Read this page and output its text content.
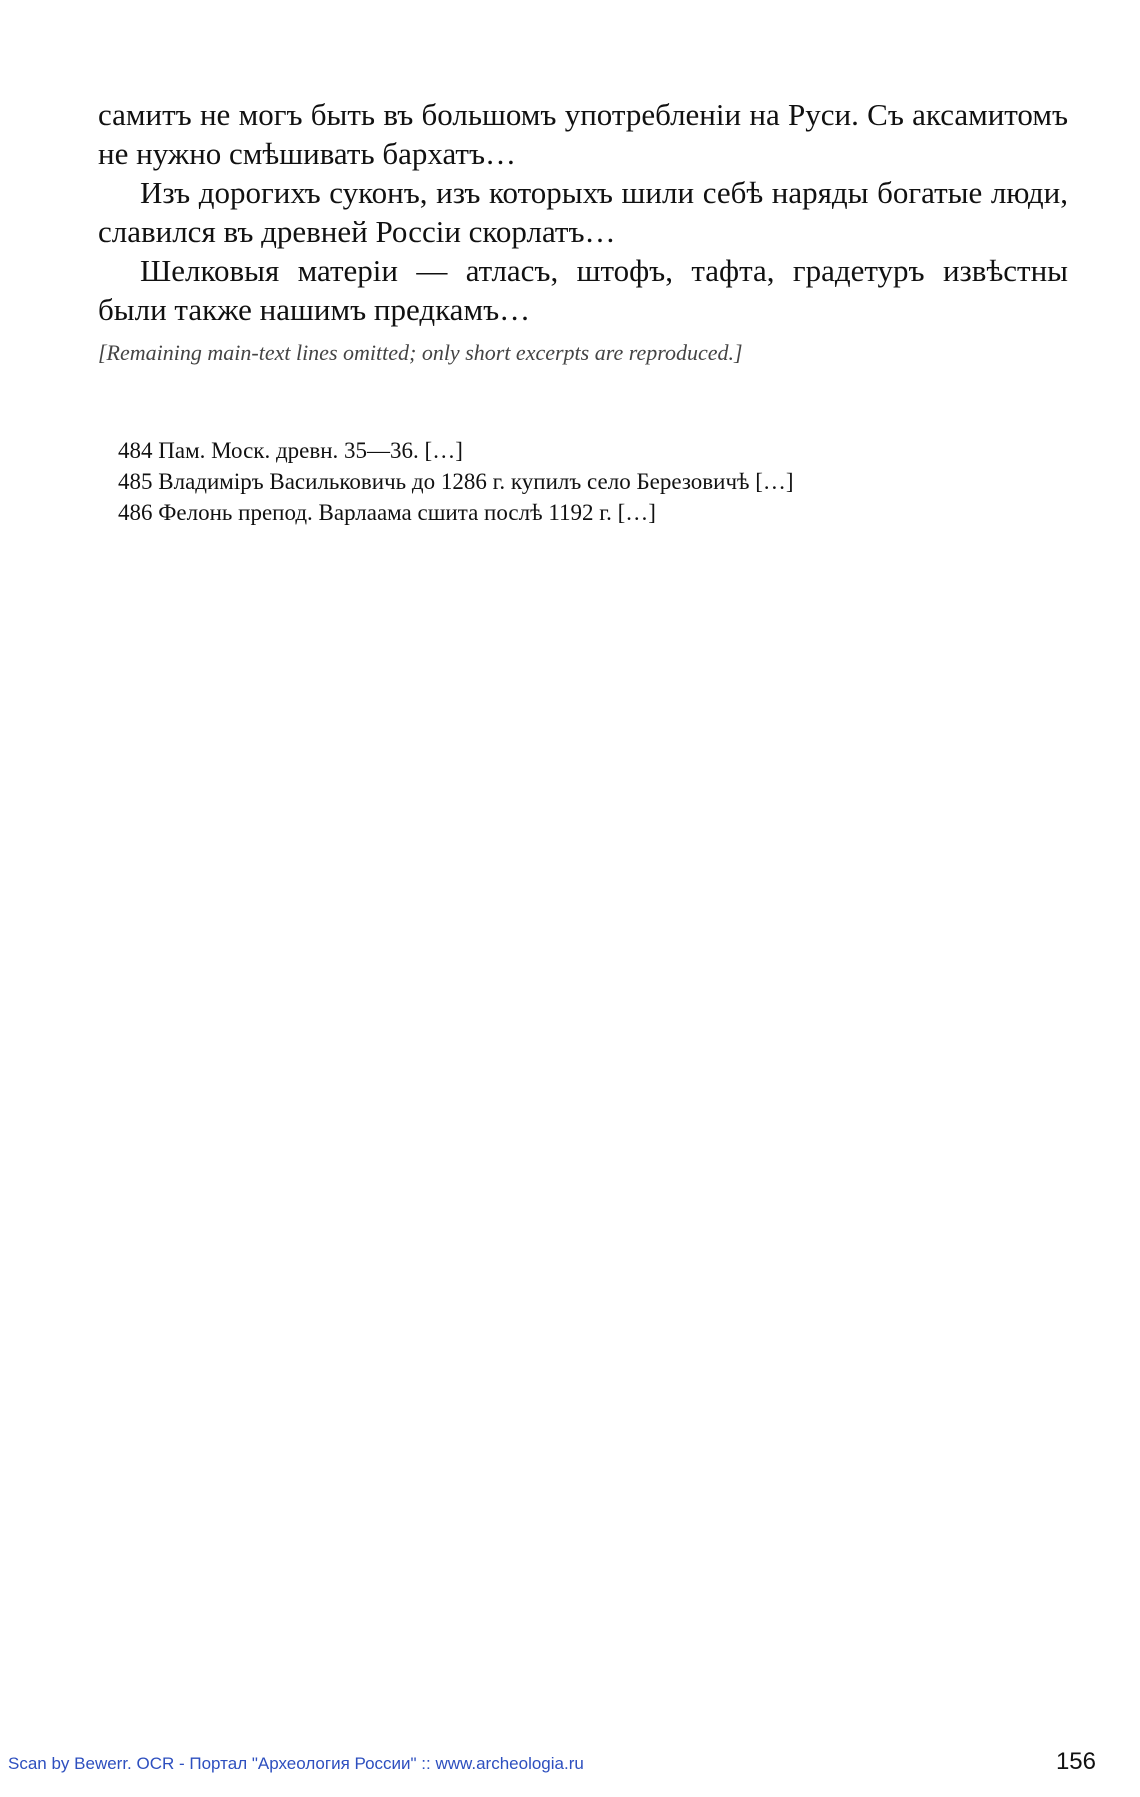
самитъ не могъ быть въ большомъ употребленіи на Руси. Съ аксамитомъ не нужно смѣшивать бархатъ…

Изъ дорогихъ суконъ, изъ которыхъ шили себѣ наряды богатые люди, славился въ древней Россіи скорлатъ…

Шелковыя матеріи — атласъ, штофъ, тафта, градетуръ извѣстны были также нашимъ предкамъ…

[Remaining main-text lines omitted; only short excerpts are reproduced.]

484 Пам. Моск. древн. 35—36. […]

485 Владиміръ Васильковичь до 1286 г. купилъ село Березовичѣ […]

486 Фелонь препод. Варлаама сшита послѣ 1192 г. […]

Scan by Bewerr. OCR - Портал "Археология России" :: www.archeologia.ru	156
